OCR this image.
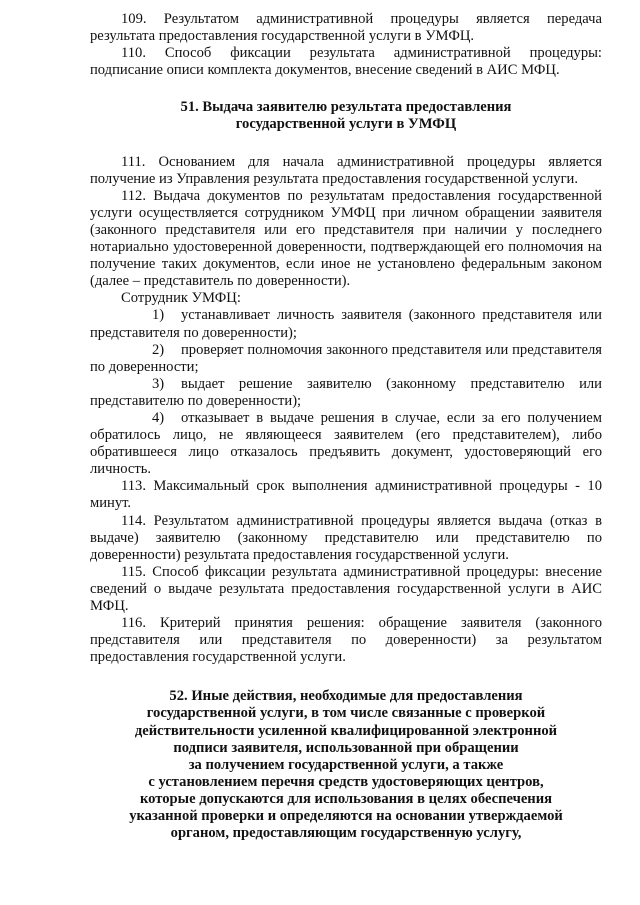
109. Результатом административной процедуры является передача результата предоставления государственной услуги в УМФЦ.

110. Способ фиксации результата административной процедуры: подписание описи комплекта документов, внесение сведений в АИС МФЦ.

51. Выдача заявителю результата предоставления
государственной услуги в УМФЦ

111. Основанием для начала административной процедуры является получение из Управления результата предоставления государственной услуги.

112. Выдача документов по результатам предоставления государственной услуги осуществляется сотрудником УМФЦ при личном обращении заявителя (законного представителя или его представителя при наличии у последнего нотариально удостоверенной доверенности, подтверждающей его полномочия на получение таких документов, если иное не установлено федеральным законом (далее – представитель по доверенности).

Сотрудник УМФЦ:

1) устанавливает личность заявителя (законного представителя или представителя по доверенности);

2) проверяет полномочия законного представителя или представителя по доверенности;

3) выдает решение заявителю (законному представителю или представителю по доверенности);

4) отказывает в выдаче решения в случае, если за его получением обратилось лицо, не являющееся заявителем (его представителем), либо обратившееся лицо отказалось предъявить документ, удостоверяющий его личность.

113. Максимальный срок выполнения административной процедуры - 10 минут.

114. Результатом административной процедуры является выдача (отказ в выдаче) заявителю (законному представителю или представителю по доверенности) результата предоставления государственной услуги.

115. Способ фиксации результата административной процедуры: внесение сведений о выдаче результата предоставления государственной услуги в АИС МФЦ.

116. Критерий принятия решения: обращение заявителя (законного представителя или представителя по доверенности) за результатом предоставления государственной услуги.

52. Иные действия, необходимые для предоставления
государственной услуги, в том числе связанные с проверкой
действительности усиленной квалифицированной электронной
подписи заявителя, использованной при обращении
за получением государственной услуги, а также
с установлением перечня средств удостоверяющих центров,
которые допускаются для использования в целях обеспечения
указанной проверки и определяются на основании утверждаемой
органом, предоставляющим государственную услугу,
